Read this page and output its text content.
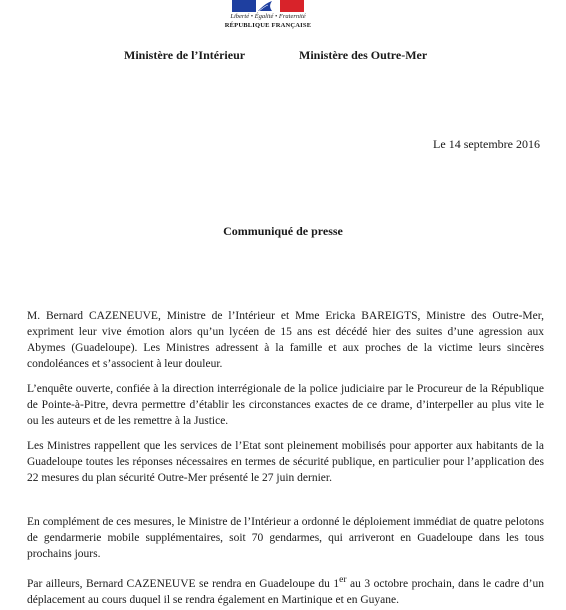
Liberté • Égalité • Fraternité
RÉPUBLIQUE FRANÇAISE
Ministère de l’Intérieur	Ministère des Outre-Mer
Le 14 septembre 2016
Communiqué de presse

M. Bernard CAZENEUVE, Ministre de l’Intérieur et Mme Ericka BAREIGTS, Ministre des Outre-Mer, expriment leur vive émotion alors qu’un lycéen de 15 ans est décédé hier des suites d’une agression aux Abymes (Guadeloupe). Les Ministres adressent à la famille et aux proches de la victime leurs sincères condoléances et s’associent à leur douleur.

L’enquête ouverte, confiée à la direction interrégionale de la police judiciaire par le Procureur de la République de Pointe-à-Pitre, devra permettre d’établir les circonstances exactes de ce drame, d’interpeller au plus vite le ou les auteurs et de les remettre à la Justice.

Les Ministres rappellent que les services de l’Etat sont pleinement mobilisés pour apporter aux habitants de la Guadeloupe toutes les réponses nécessaires en termes de sécurité publique, en particulier pour l’application des 22 mesures du plan sécurité Outre-Mer présenté le 27 juin dernier.

En complément de ces mesures, le Ministre de l’Intérieur a ordonné le déploiement immédiat de quatre pelotons de gendarmerie mobile supplémentaires, soit 70 gendarmes, qui arriveront en Guadeloupe dans les tous prochains jours.

Par ailleurs, Bernard CAZENEUVE se rendra en Guadeloupe du 1er au 3 octobre prochain, dans le cadre d’un déplacement au cours duquel il se rendra également en Martinique et en Guyane.
